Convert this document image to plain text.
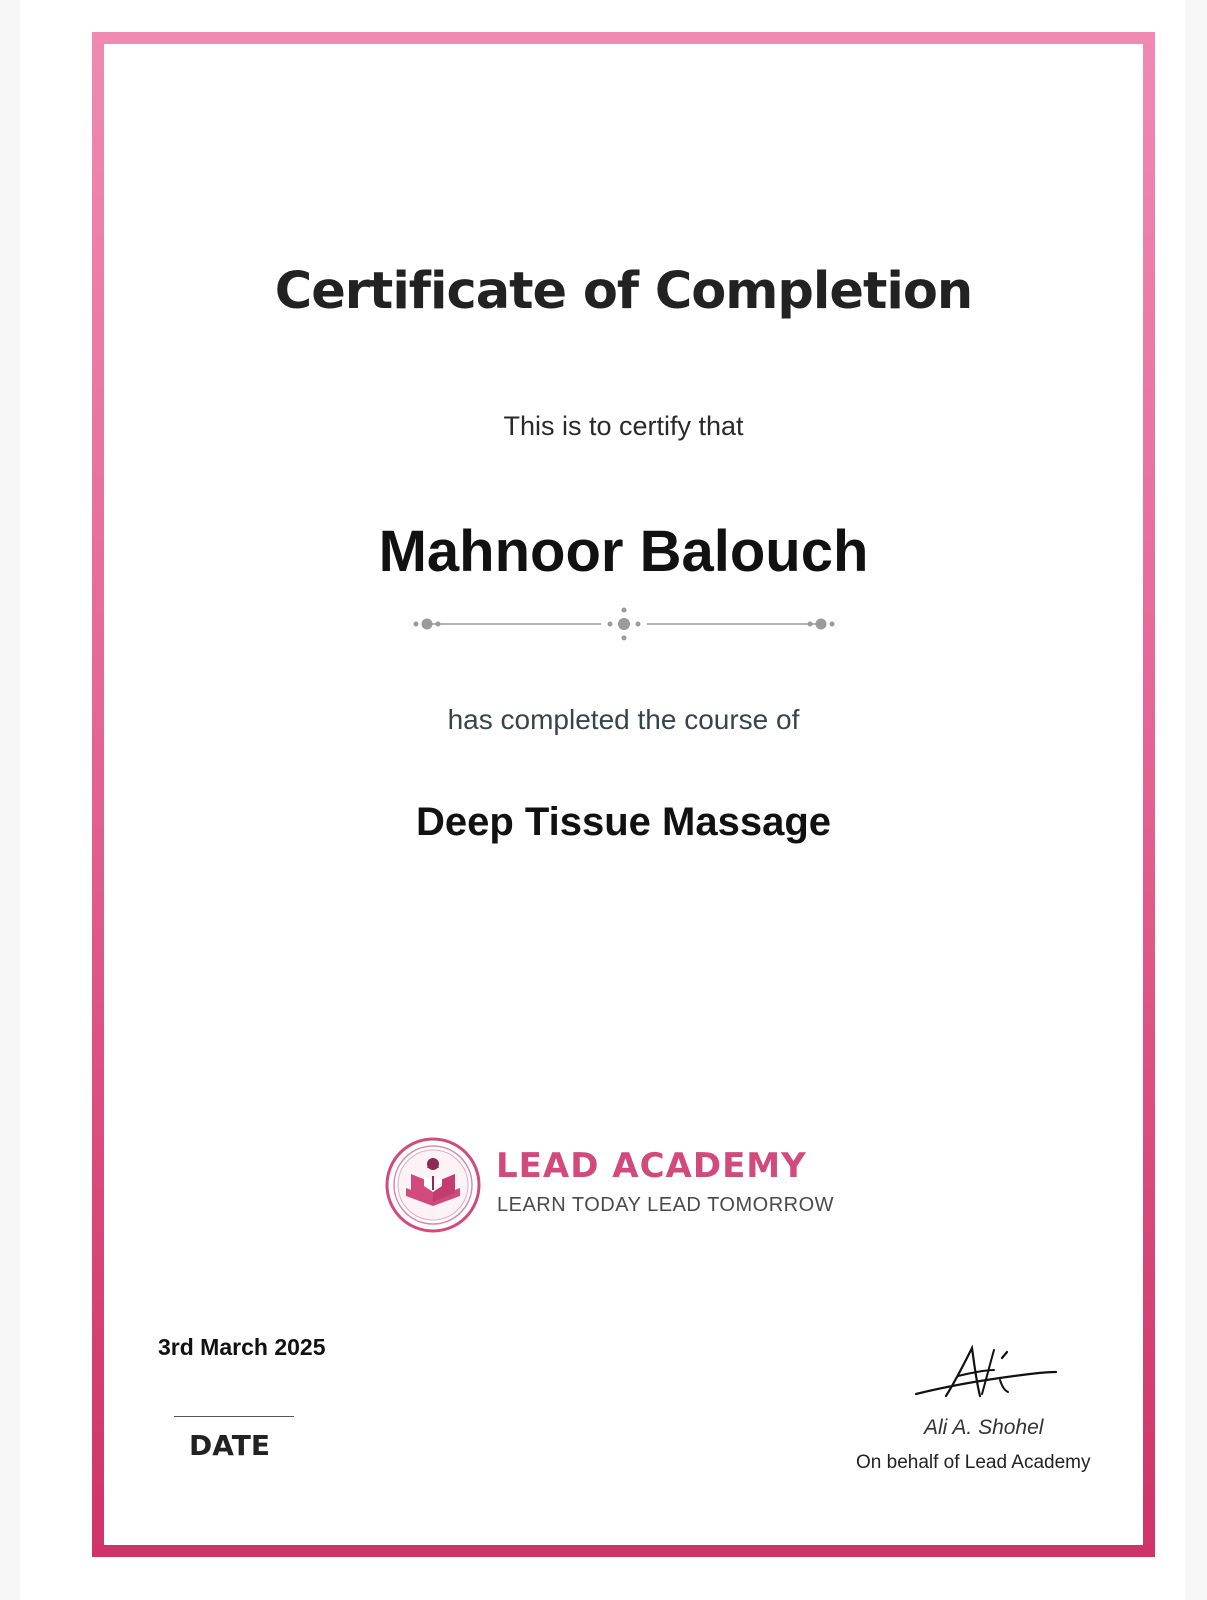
Certificate of Completion
This is to certify that
Mahnoor Balouch
has completed the course of
Deep Tissue Massage
LEAD ACADEMY
LEARN TODAY LEAD TOMORROW
3rd March 2025
DATE
Ali A. Shohel
On behalf of Lead Academy
